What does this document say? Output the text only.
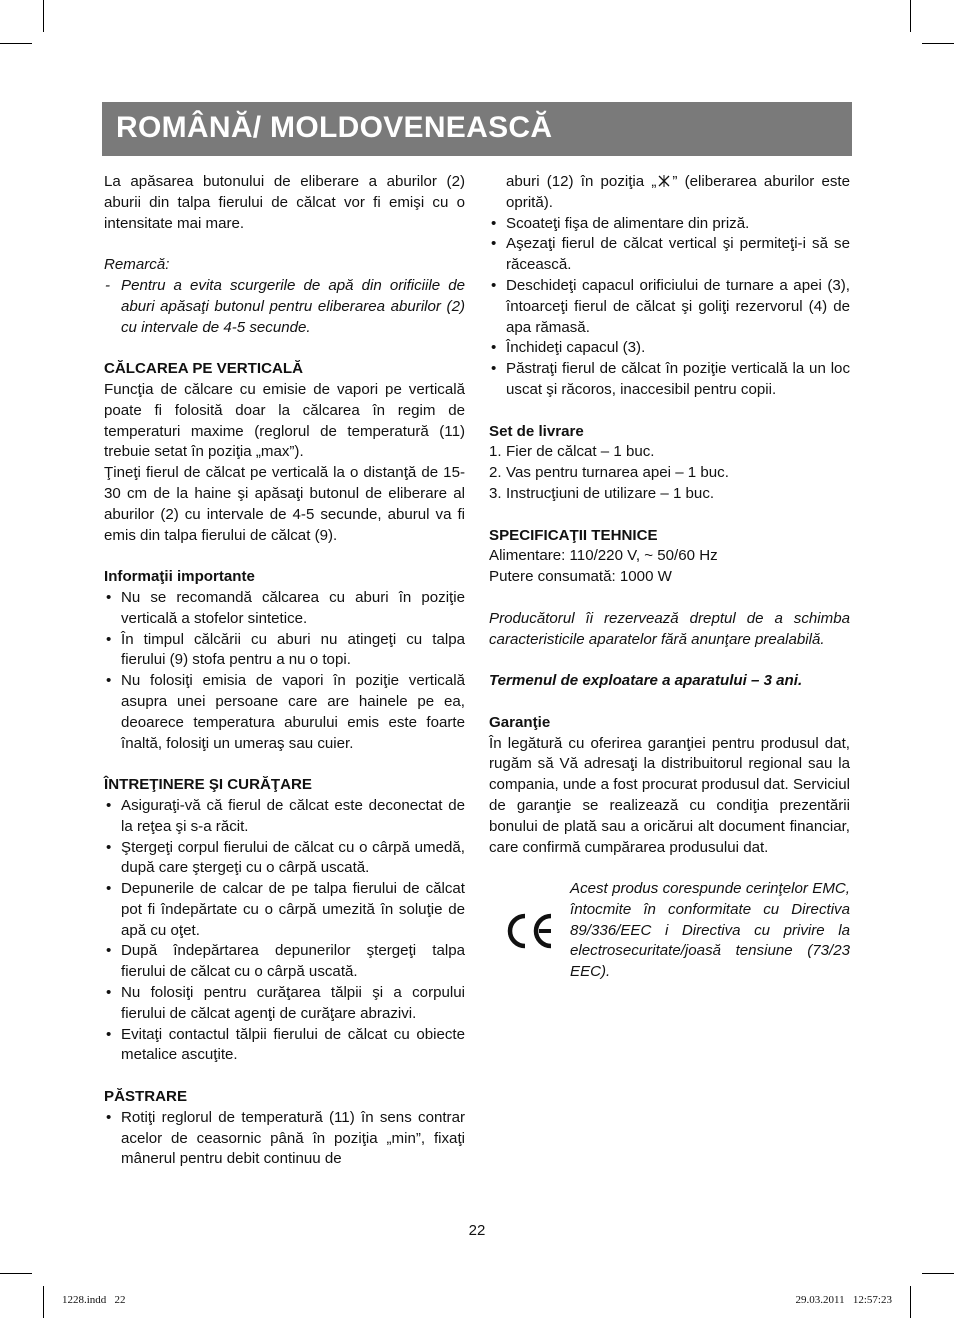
ROMÂNĂ/ MOLDOVENEASCĂ

La apăsarea butonului de eliberare a aburilor (2) aburii din talpa fierului de călcat vor fi emişi cu o intensitate mai mare.

Remarcă:

- Pentru a evita scurgerile de apă din orificiile de aburi apăsaţi butonul pentru eliberarea aburilor (2) cu intervale de 4-5 secunde.
CĂLCAREA PE VERTICALĂ

Funcţia de călcare cu emisie de vapori pe verticală poate fi folosită doar la călcarea în regim de temperaturi maxime (reglorul de temperatură (11) trebuie setat în poziţia „max”).

Ţineţi fierul de călcat pe verticală la o distanţă de 15-30 cm de la haine şi apăsaţi butonul de eliberare al aburilor (2) cu intervale de 4-5 secunde, aburul va fi emis din talpa fierului de călcat (9).

Informaţii importante
• Nu se recomandă călcarea cu aburi în poziţie verticală a stofelor sintetice.
• În timpul călcării cu aburi nu atingeţi cu talpa fierului (9) stofa pentru a nu o topi.
• Nu folosiţi emisia de vapori în poziţie verticală asupra unei persoane care are hainele pe ea, deoarece temperatura aburului emis este foarte înaltă, folosiţi un umeraş sau cuier.
ÎNTREŢINERE ŞI CURĂŢARE
• Asiguraţi-vă că fierul de călcat este deconectat de la reţea şi s-a răcit.
• Ştergeţi corpul fierului de călcat cu o cârpă umedă, după care ştergeţi cu o cârpă uscată.
• Depunerile de calcar de pe talpa fierului de călcat pot fi îndepărtate cu o cârpă umezită în soluţie de apă cu oţet.
• După îndepărtarea depunerilor ştergeţi talpa fierului de călcat cu o cârpă uscată.
• Nu folosiţi pentru curăţarea tălpii şi a corpului fierului de călcat agenţi de curăţare abrazivi.
• Evitaţi contactul tălpii fierului de călcat cu obiecte metalice ascuţite.
PĂSTRARE
• Rotiţi reglorul de temperatură (11) în sens contrar acelor de ceasornic până în poziţia „min”, fixaţi mânerul pentru debit continuu de

aburi (12) în poziţia „ ” (eliberarea aburilor este oprită).

• Scoateţi fişa de alimentare din priză.
• Aşezaţi fierul de călcat vertical şi permiteţi-i să se răcească.
• Deschideţi capacul orificiului de turnare a apei (3), întoarceţi fierul de călcat şi goliţi rezervorul (4) de apa rămasă.
• Închideţi capacul (3).
• Păstraţi fierul de călcat în poziţie verticală la un loc uscat şi răcoros, inaccesibil pentru copii.
Set de livrare
1. Fier de călcat – 1 buc.
2. Vas pentru turnarea apei – 1 buc.
3. Instrucţiuni de utilizare – 1 buc.
SPECIFICAŢII TEHNICE

Alimentare: 110/220 V, ~ 50/60 Hz

Putere consumată: 1000 W

Producătorul îi rezervează dreptul de a schimba caracteristicile aparatelor fără anunţare prealabilă.

Termenul de exploatare a aparatului – 3 ani.

Garanţie

În legătură cu oferirea garanţiei pentru produsul dat, rugăm să Vă adresaţi la distribuitorul regional sau la compania, unde a fost procurat produsul dat. Serviciul de garanţie se realizează cu condiţia prezentării bonului de plată sau a oricărui alt document financiar, care confirmă cumpărarea produsului dat.

Acest produs corespunde cerinţelor EMC, întocmite în conformitate cu Directiva 89/336/EEC i Directiva cu privire la electrosecuritate/joasă tensiune (73/23 EEC).

22
1228.indd   22	29.03.2011   12:57:23
